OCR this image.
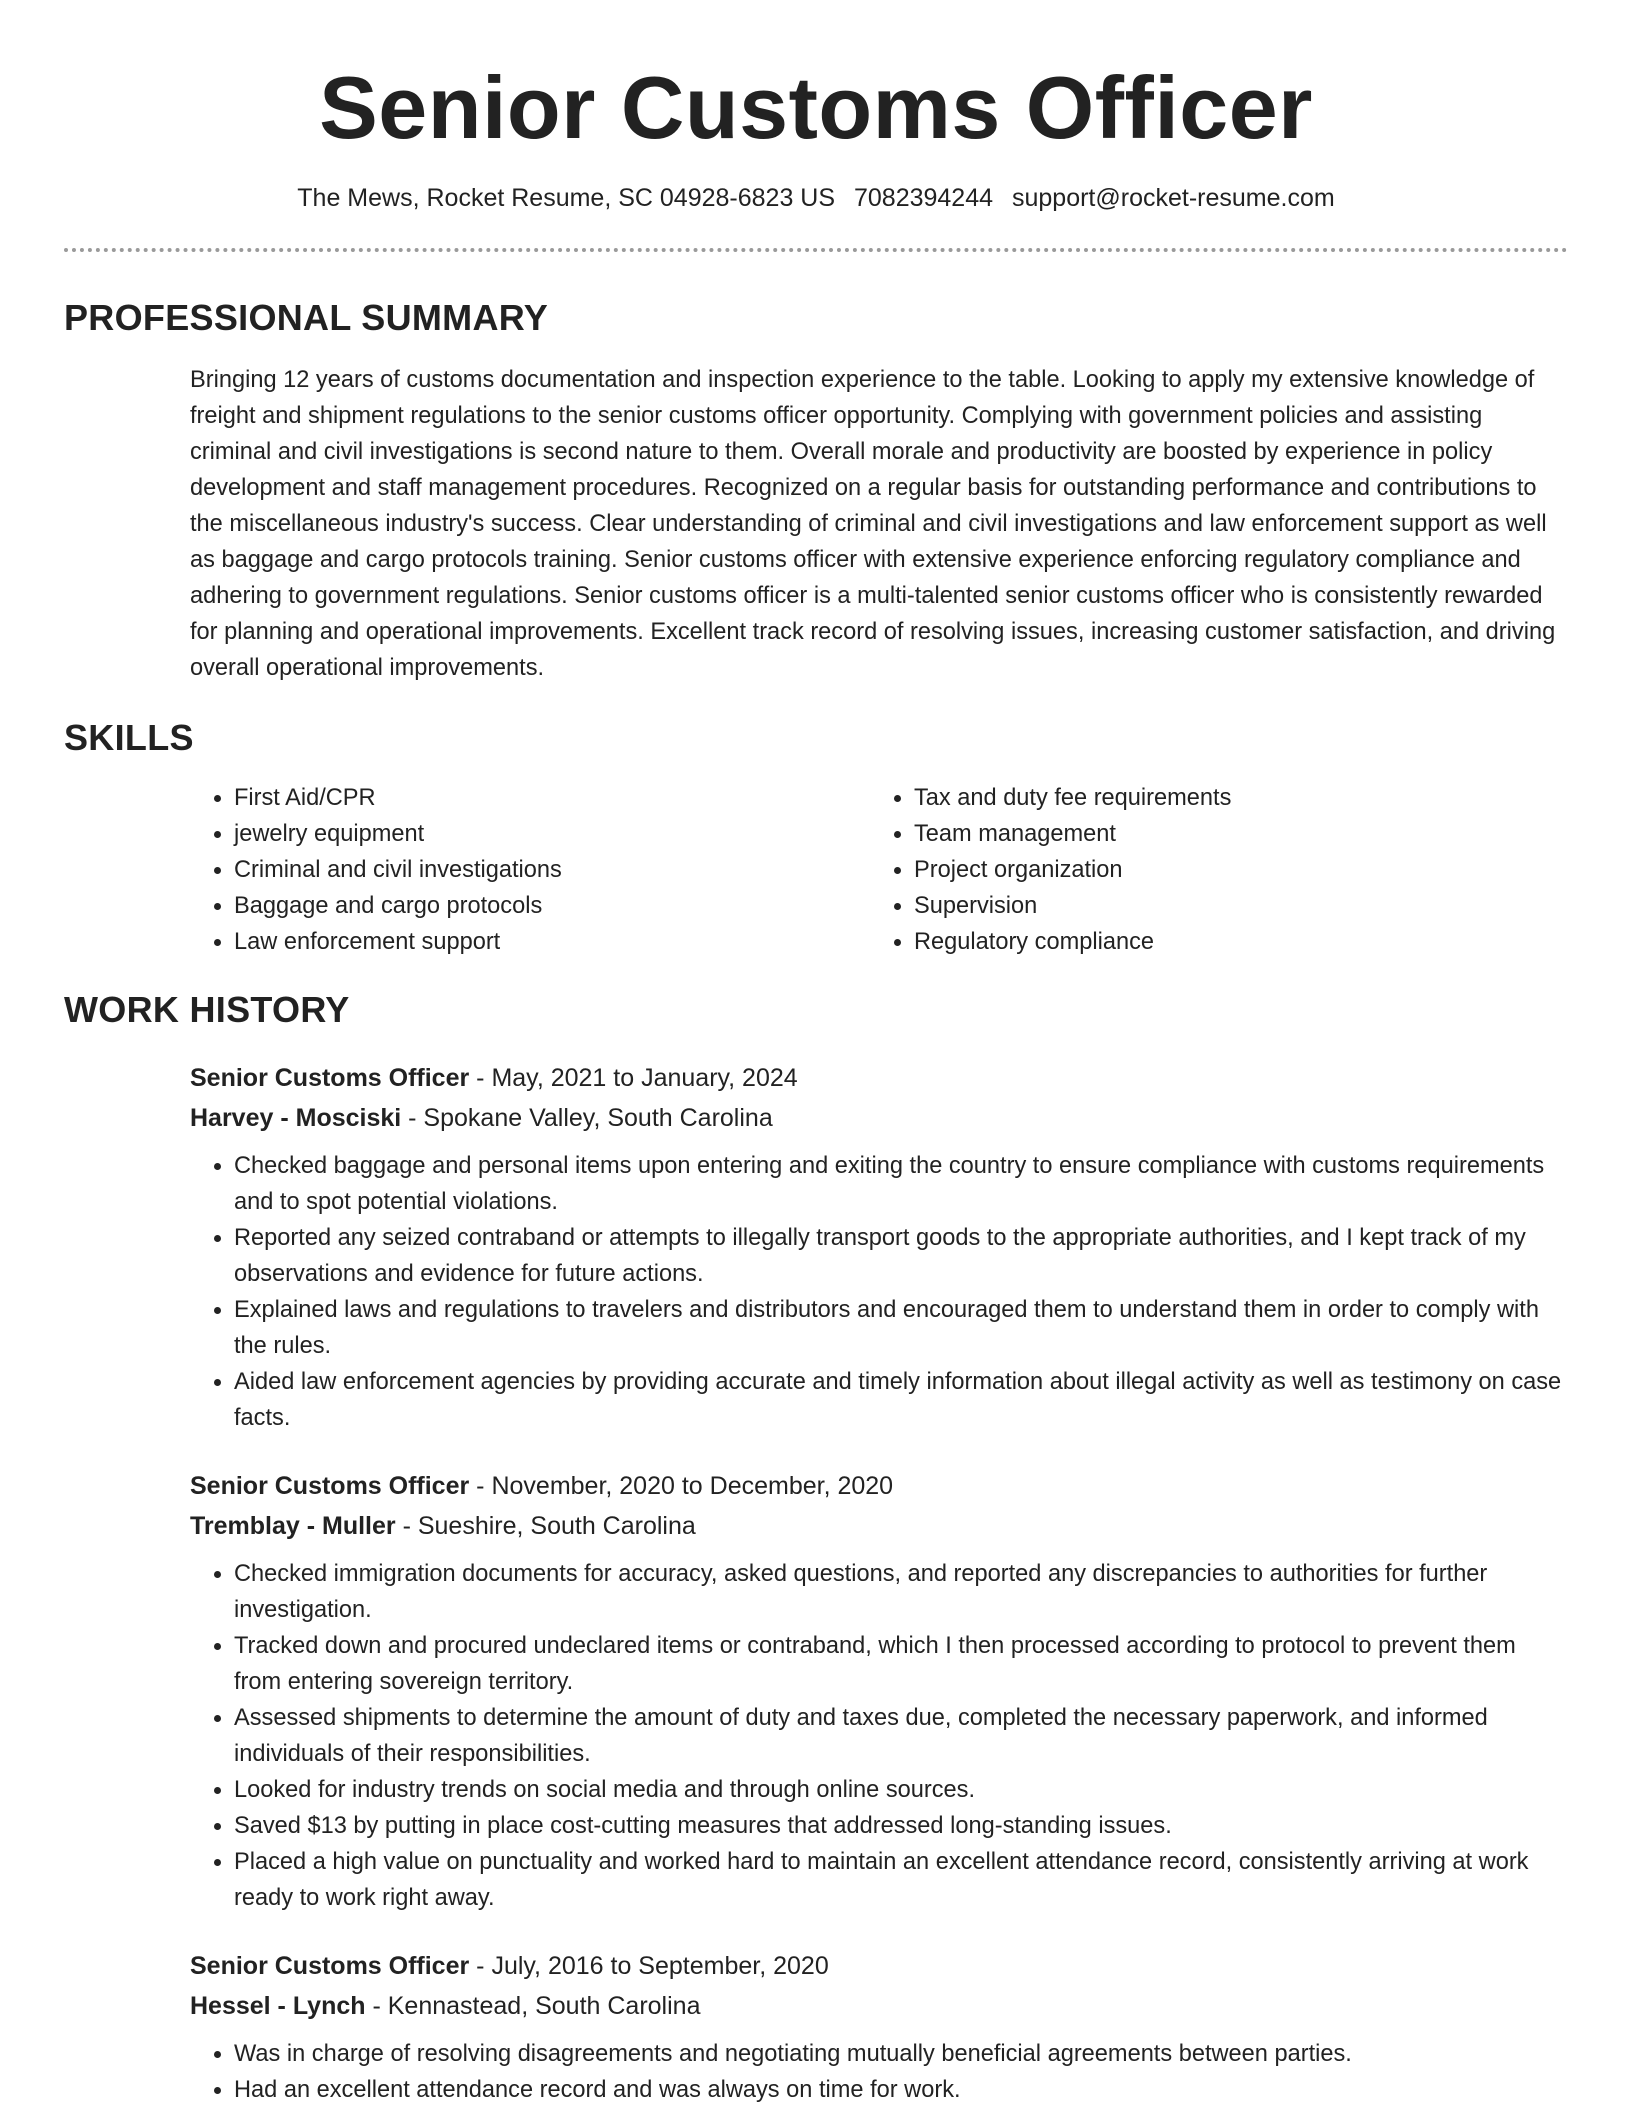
Senior Customs Officer
The Mews, Rocket Resume, SC 04928-6823 US 7082394244 support@rocket-resume.com
PROFESSIONAL SUMMARY
Bringing 12 years of customs documentation and inspection experience to the table. Looking to apply my extensive knowledge of freight and shipment regulations to the senior customs officer opportunity. Complying with government policies and assisting criminal and civil investigations is second nature to them. Overall morale and productivity are boosted by experience in policy development and staff management procedures. Recognized on a regular basis for outstanding performance and contributions to the miscellaneous industry's success. Clear understanding of criminal and civil investigations and law enforcement support as well as baggage and cargo protocols training. Senior customs officer with extensive experience enforcing regulatory compliance and adhering to government regulations. Senior customs officer is a multi-talented senior customs officer who is consistently rewarded for planning and operational improvements. Excellent track record of resolving issues, increasing customer satisfaction, and driving overall operational improvements.
SKILLS
• First Aid/CPR
• jewelry equipment
• Criminal and civil investigations
• Baggage and cargo protocols
• Law enforcement support
• Tax and duty fee requirements
• Team management
• Project organization
• Supervision
• Regulatory compliance
WORK HISTORY
Senior Customs Officer - May, 2021 to January, 2024
Harvey - Mosciski - Spokane Valley, South Carolina
• Checked baggage and personal items upon entering and exiting the country to ensure compliance with customs requirements and to spot potential violations.
• Reported any seized contraband or attempts to illegally transport goods to the appropriate authorities, and I kept track of my observations and evidence for future actions.
• Explained laws and regulations to travelers and distributors and encouraged them to understand them in order to comply with the rules.
• Aided law enforcement agencies by providing accurate and timely information about illegal activity as well as testimony on case facts.
Senior Customs Officer - November, 2020 to December, 2020
Tremblay - Muller - Sueshire, South Carolina
• Checked immigration documents for accuracy, asked questions, and reported any discrepancies to authorities for further investigation.
• Tracked down and procured undeclared items or contraband, which I then processed according to protocol to prevent them from entering sovereign territory.
• Assessed shipments to determine the amount of duty and taxes due, completed the necessary paperwork, and informed individuals of their responsibilities.
• Looked for industry trends on social media and through online sources.
• Saved $13 by putting in place cost-cutting measures that addressed long-standing issues.
• Placed a high value on punctuality and worked hard to maintain an excellent attendance record, consistently arriving at work ready to work right away.
Senior Customs Officer - July, 2016 to September, 2020
Hessel - Lynch - Kennastead, South Carolina
• Was in charge of resolving disagreements and negotiating mutually beneficial agreements between parties.
• Had an excellent attendance record and was always on time for work.
